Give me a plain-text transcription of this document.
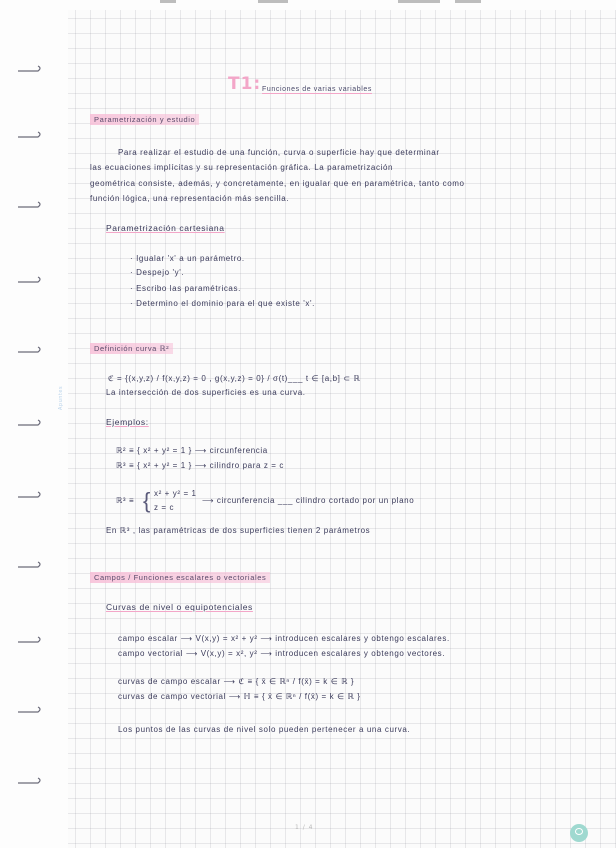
Apuntes
T1: Funciones de varias variables
Parametrización y estudio
Para realizar el estudio de una función, curva o superficie hay que determinar
las ecuaciones implícitas y su representación gráfica. La parametrización
geométrica consiste, además, y concretamente, en igualar que en paramétrica, tanto como
función lógica, una representación más sencilla.
Parametrización cartesiana
· Igualar 'x' a un parámetro.
· Despejo 'y'.
· Escribo las paramétricas.
· Determino el dominio para el que existe 'x'.
Definición curva ℝ²
ℭ = {(x,y,z) / f(x,y,z) = 0 , g(x,y,z) = 0} / σ(t)___ t ∈ [a,b] ⊂ ℝ
La intersección de dos superficies es una curva.
Ejemplos:
ℝ² ≡ { x² + y² = 1 } ⟶ circunferencia
ℝ³ ≡ { x² + y² = 1 } ⟶ cilindro para z = c
ℝ³ ≡ { x² + y² = 1
z = c
⟶ circunferencia ___ cilindro cortado por un plano
En ℝ³ , las paramétricas de dos superficies tienen 2 parámetros
Campos / Funciones escalares o vectoriales
Curvas de nivel o equipotenciales
campo escalar ⟶ V(x,y) = x² + y² ⟶ introducen escalares y obtengo escalares.
campo vectorial ⟶ V(x,y) = x², y² ⟶ introducen escalares y obtengo vectores.
curvas de campo escalar ⟶ ℭ ≡ { x̄ ∈ ℝⁿ / f(x̄) = k ∈ ℝ }
curvas de campo vectorial ⟶ ℍ ≡ { x̄ ∈ ℝⁿ / f(x̄) = k ∈ ℝ }
Los puntos de las curvas de nivel solo pueden pertenecer a una curva.
1 / 4
